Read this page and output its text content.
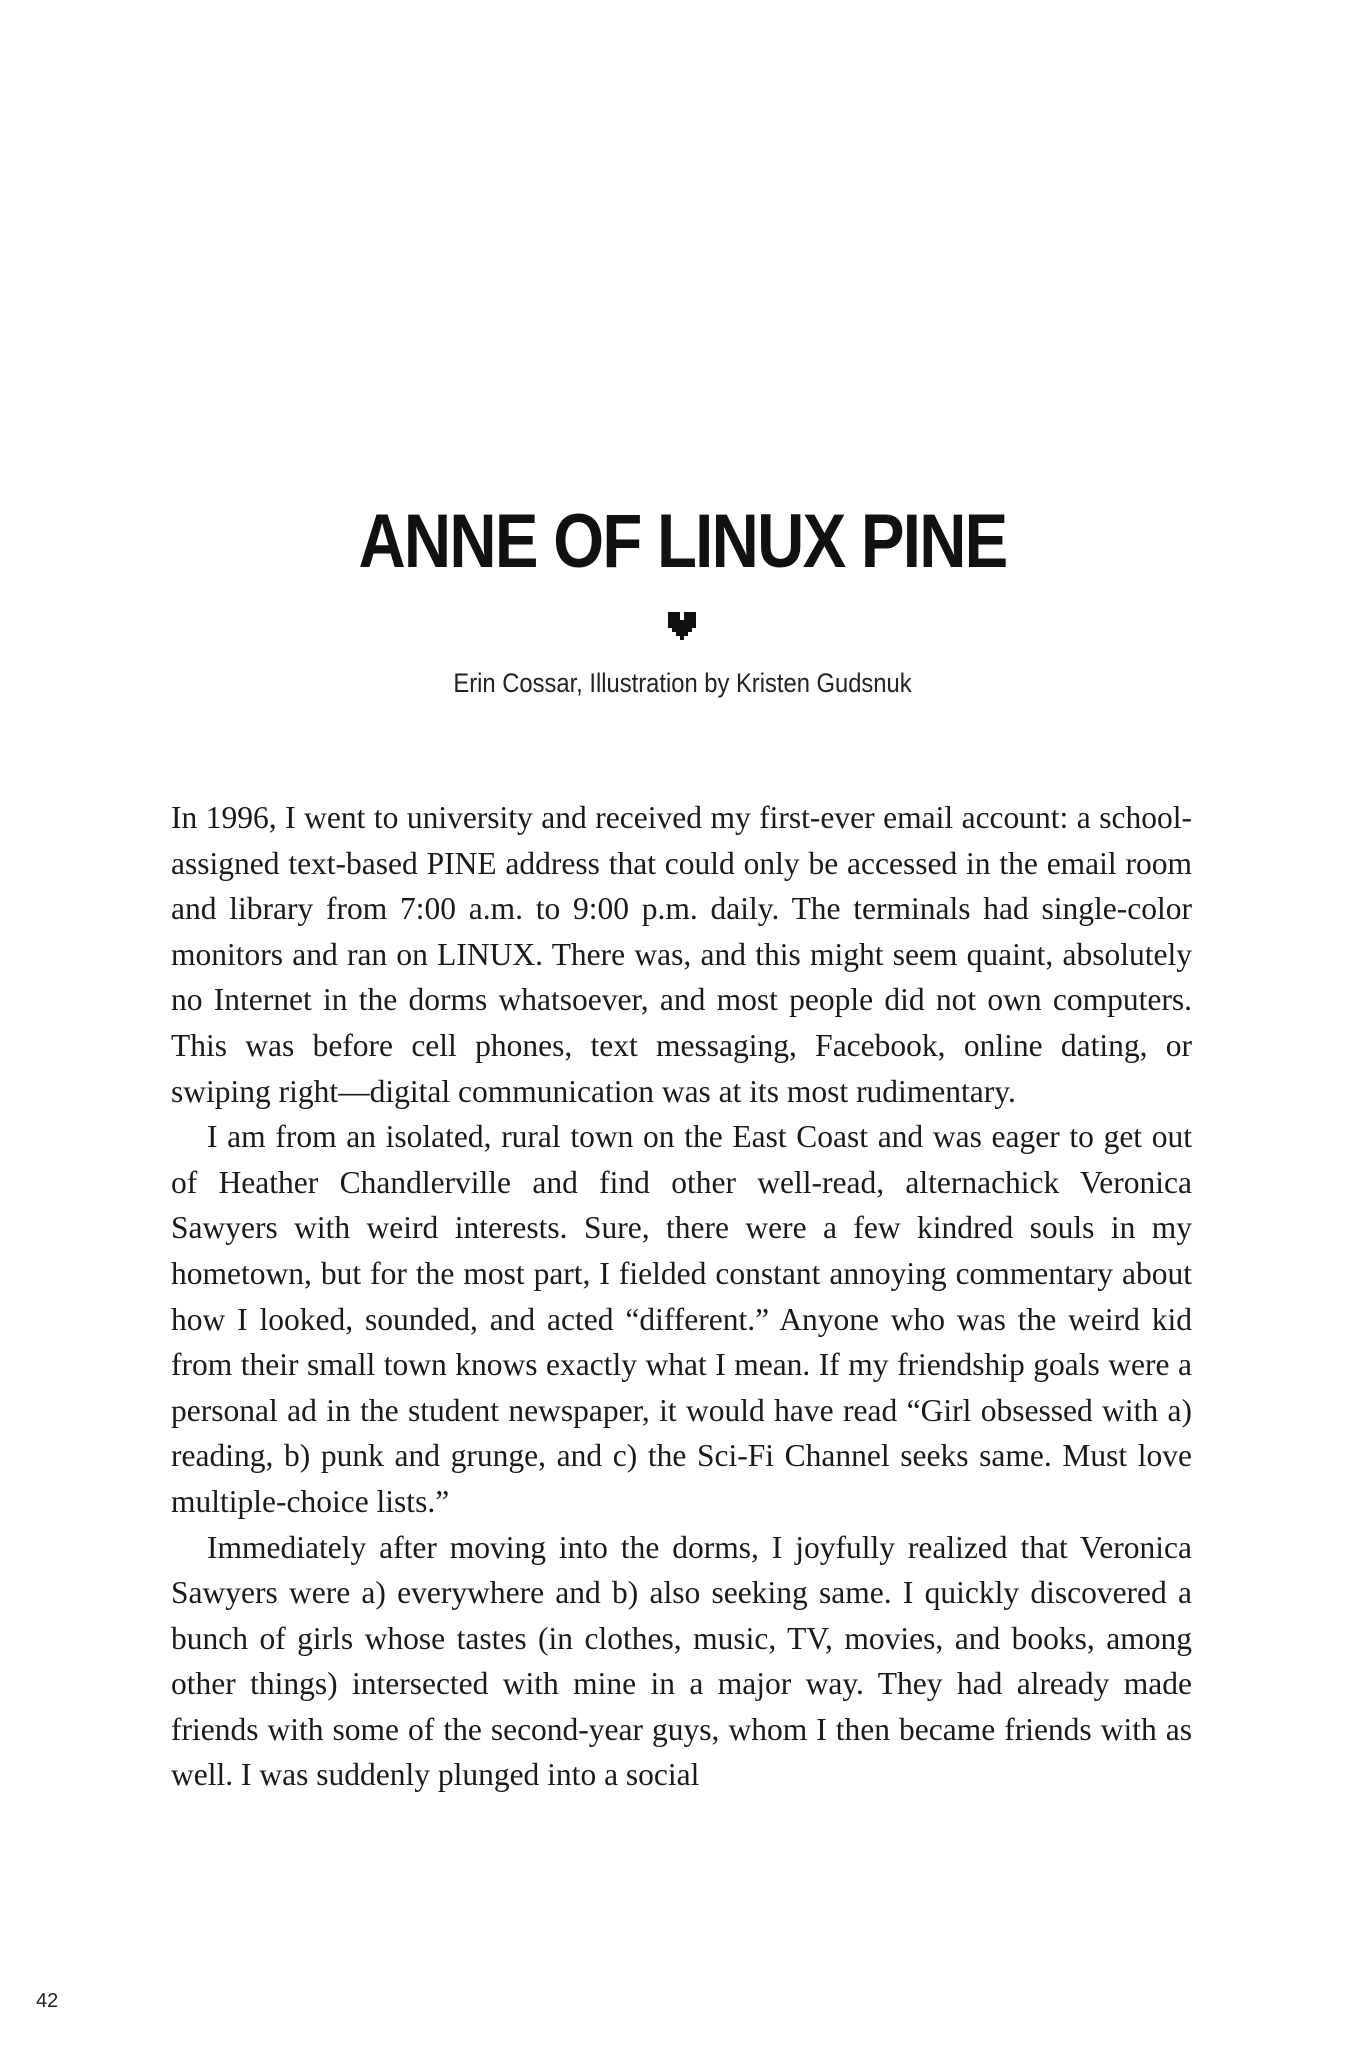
ANNE OF LINUX PINE

Erin Cossar, Illustration by Kristen Gudsnuk

In 1996, I went to university and received my first-ever email account: a school-assigned text-based PINE address that could only be accessed in the email room and library from 7:00 a.m. to 9:00 p.m. daily. The terminals had single-color monitors and ran on LINUX. There was, and this might seem quaint, absolutely no Internet in the dorms whatsoever, and most people did not own computers. This was before cell phones, text messaging, Facebook, online dating, or swiping right—digital communication was at its most rudimentary.

I am from an isolated, rural town on the East Coast and was eager to get out of Heather Chandlerville and find other well-read, alternachick Veronica Sawyers with weird interests. Sure, there were a few kindred souls in my hometown, but for the most part, I fielded constant annoying commentary about how I looked, sounded, and acted “different.” Anyone who was the weird kid from their small town knows exactly what I mean. If my friendship goals were a personal ad in the student newspaper, it would have read “Girl obsessed with a) reading, b) punk and grunge, and c) the Sci-Fi Channel seeks same. Must love multiple-choice lists.”

Immediately after moving into the dorms, I joyfully realized that Veronica Sawyers were a) everywhere and b) also seeking same. I quickly discovered a bunch of girls whose tastes (in clothes, music, TV, movies, and books, among other things) intersected with mine in a major way. They had already made friends with some of the second-year guys, whom I then became friends with as well. I was suddenly plunged into a social

42
